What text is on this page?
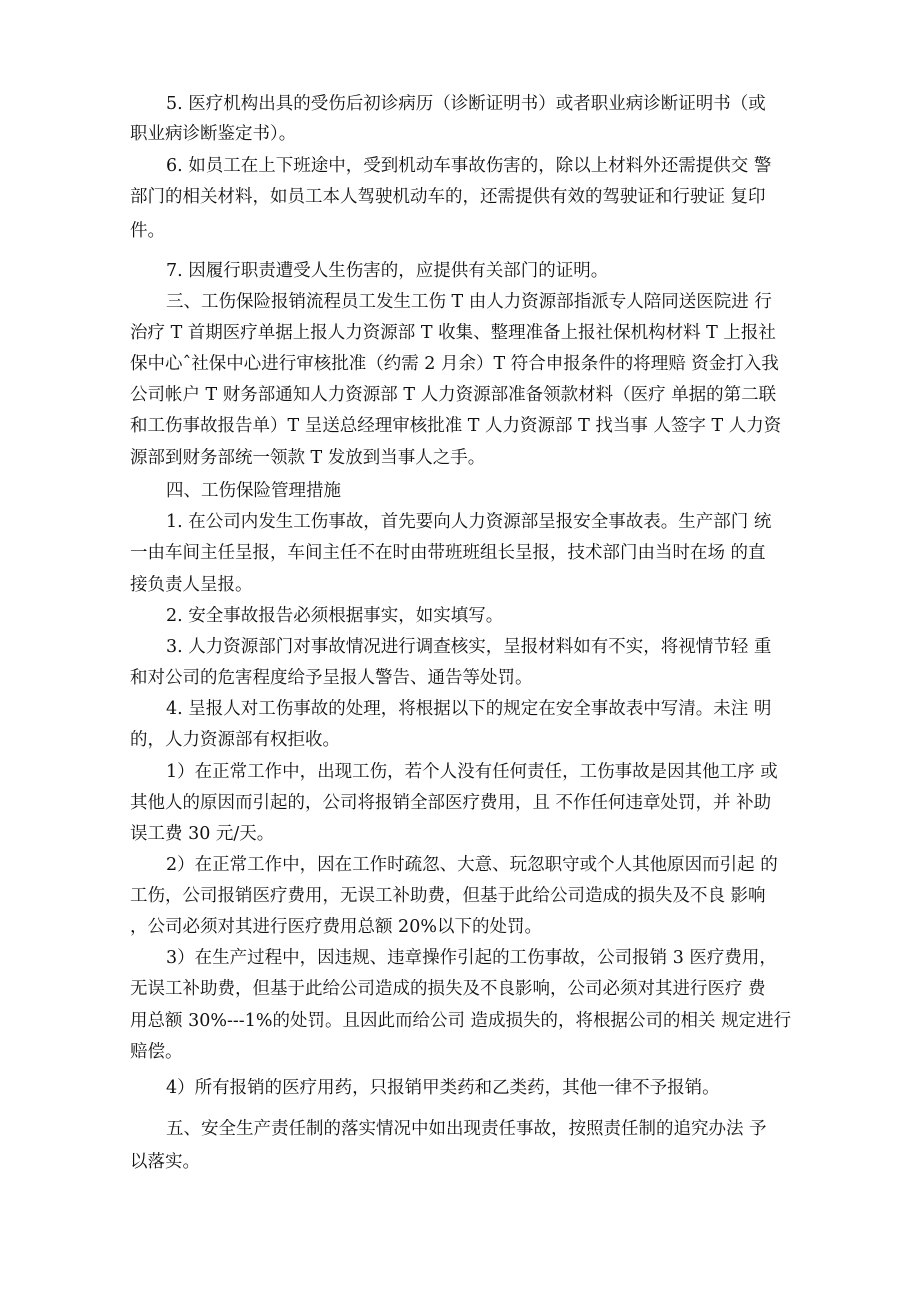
5. 医疗机构出具的受伤后初诊病历（诊断证明书）或者职业病诊断证明书（或
职业病诊断鉴定书）。
6. 如员工在上下班途中，受到机动车事故伤害的，除以上材料外还需提供交 警
部门的相关材料，如员工本人驾驶机动车的，还需提供有效的驾驶证和行驶证 复印
件。
7. 因履行职责遭受人生伤害的，应提供有关部门的证明。
三、工伤保险报销流程员工发生工伤 T 由人力资源部指派专人陪同送医院进 行
治疗 T 首期医疗单据上报人力资源部 T 收集、整理准备上报社保机构材料 T 上报社
保中心ˆ社保中心进行审核批准（约需 2 月余）T 符合申报条件的将理赔 资金打入我
公司帐户 T 财务部通知人力资源部 T 人力资源部准备领款材料（医疗 单据的第二联
和工伤事故报告单）T 呈送总经理审核批准 T 人力资源部 T 找当事 人签字 T 人力资
源部到财务部统一领款 T 发放到当事人之手。
四、工伤保险管理措施
1. 在公司内发生工伤事故，首先要向人力资源部呈报安全事故表。生产部门 统
一由车间主任呈报，车间主任不在时由带班班组长呈报，技术部门由当时在场 的直
接负责人呈报。
2. 安全事故报告必须根据事实，如实填写。
3. 人力资源部门对事故情况进行调查核实，呈报材料如有不实，将视情节轻 重
和对公司的危害程度给予呈报人警告、通告等处罚。
4. 呈报人对工伤事故的处理，将根据以下的规定在安全事故表中写清。未注 明
的，人力资源部有权拒收。
1）在正常工作中，出现工伤，若个人没有任何责任，工伤事故是因其他工序 或
其他人的原因而引起的，公司将报销全部医疗费用，且 不作任何违章处罚，并 补助
误工费 30 元/天。
2）在正常工作中，因在工作时疏忽、大意、玩忽职守或个人其他原因而引起 的
工伤，公司报销医疗费用，无误工补助费，但基于此给公司造成的损失及不良 影响
，公司必须对其进行医疗费用总额 20%以下的处罚。
3）在生产过程中，因违规、违章操作引起的工伤事故，公司报销 3 医疗费用，
无误工补助费，但基于此给公司造成的损失及不良影响，公司必须对其进行医疗 费
用总额 30%---1%的处罚。且因此而给公司 造成损失的，将根据公司的相关 规定进行
赔偿。
4）所有报销的医疗用药，只报销甲类药和乙类药，其他一律不予报销。
五、安全生产责任制的落实情况中如出现责任事故，按照责任制的追究办法 予
以落实。
